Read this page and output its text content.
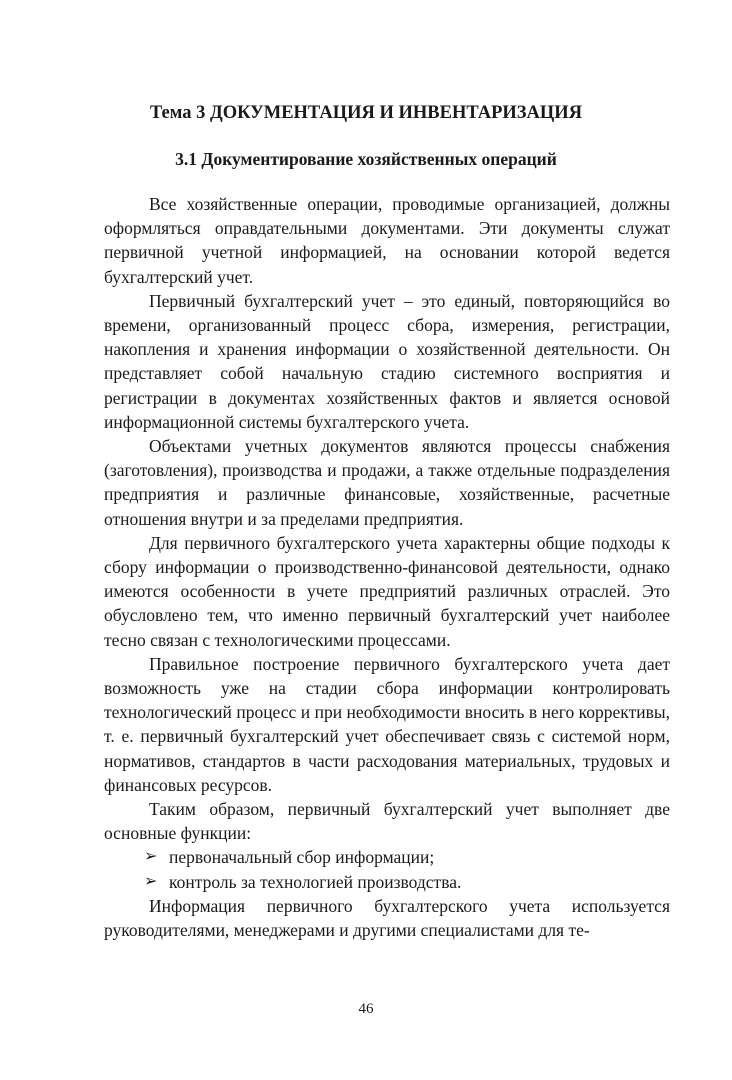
Тема 3 ДОКУМЕНТАЦИЯ И ИНВЕНТАРИЗАЦИЯ
3.1 Документирование хозяйственных операций

Все хозяйственные операции, проводимые организацией, должны оформляться оправдательными документами. Эти документы служат первичной учетной информацией, на основании которой ведется бухгалтерский учет.

Первичный бухгалтерский учет – это единый, повторяющийся во времени, организованный процесс сбора, измерения, регистрации, накопления и хранения информации о хозяйственной деятельности. Он представляет собой начальную стадию системного восприятия и регистрации в документах хозяйственных фактов и является основой информационной системы бухгалтерского учета.

Объектами учетных документов являются процессы снабжения (заготовления), производства и продажи, а также отдельные подразделения предприятия и различные финансовые, хозяйственные, расчетные отношения внутри и за пределами предприятия.

Для первичного бухгалтерского учета характерны общие подходы к сбору информации о производственно-финансовой деятельности, однако имеются особенности в учете предприятий различных отраслей. Это обусловлено тем, что именно первичный бухгалтерский учет наиболее тесно связан с технологическими процессами.

Правильное построение первичного бухгалтерского учета дает возможность уже на стадии сбора информации контролировать технологический процесс и при необходимости вносить в него коррективы, т. е. первичный бухгалтерский учет обеспечивает связь с системой норм, нормативов, стандартов в части расходования материальных, трудовых и финансовых ресурсов.

Таким образом, первичный бухгалтерский учет выполняет две основные функции:

➢ первоначальный сбор информации;
➢ контроль за технологией производства.

Информация первичного бухгалтерского учета используется руководителями, менеджерами и другими специалистами для те-

46
